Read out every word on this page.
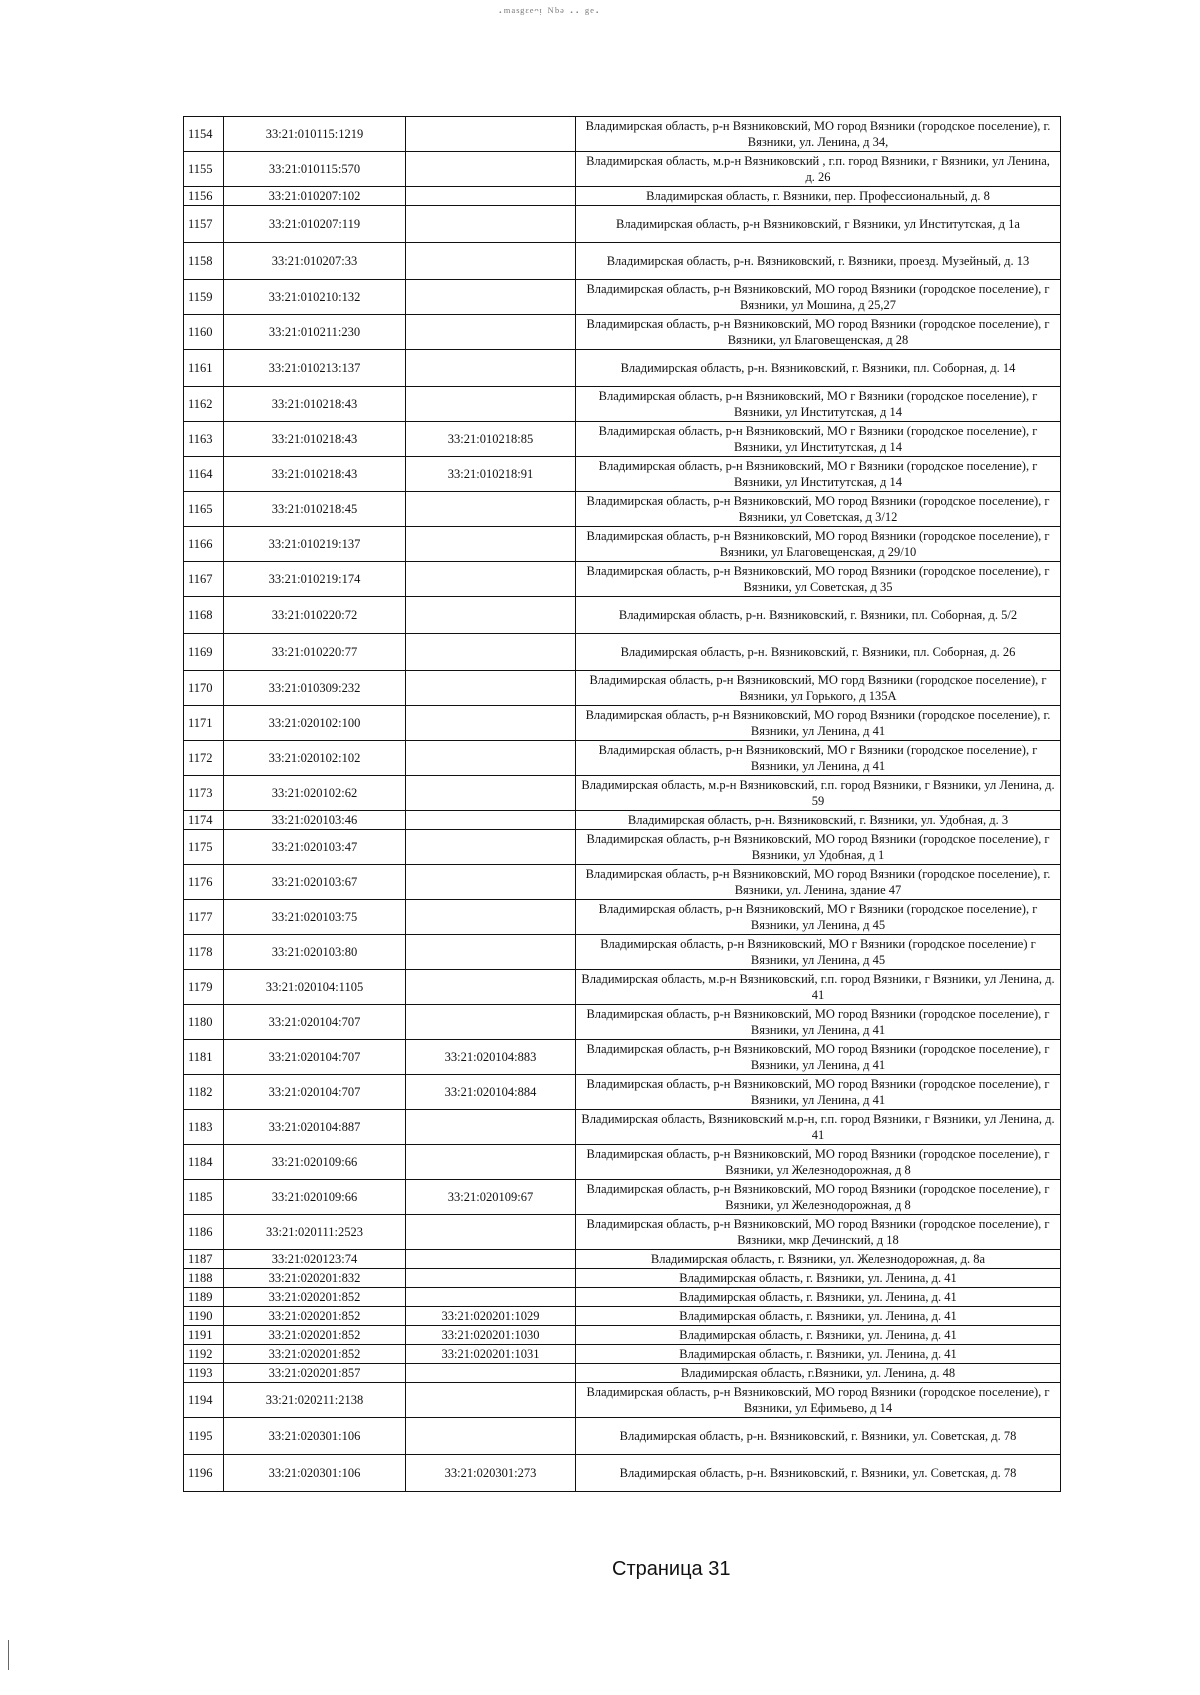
·ᵐᵃˢᵍᵋᵉᵔᵎ ᴺᵇᵊ ·· ᵍᵉ·
1154	33:21:010115:1219		Владимирская область, р-н Вязниковский, МО город Вязники (городское поселение), г. Вязники, ул. Ленина, д 34,
1155	33:21:010115:570		Владимирская область, м.р-н Вязниковский , г.п. город Вязники, г Вязники, ул Ленина, д. 26
1156	33:21:010207:102		Владимирская область, г. Вязники, пер. Профессиональный, д. 8
1157	33:21:010207:119		Владимирская область, р-н Вязниковский, г Вязники, ул Институтская, д 1а
1158	33:21:010207:33		Владимирская область, р-н. Вязниковский, г. Вязники, проезд. Музейный, д. 13
1159	33:21:010210:132		Владимирская область, р-н Вязниковский, МО город Вязники (городское поселение), г Вязники, ул Мошина, д 25,27
1160	33:21:010211:230		Владимирская область, р-н Вязниковский, МО город Вязники (городское поселение), г Вязники, ул Благовещенская, д 28
1161	33:21:010213:137		Владимирская область, р-н. Вязниковский, г. Вязники, пл. Соборная, д. 14
1162	33:21:010218:43		Владимирская область, р-н Вязниковский, МО г Вязники (городское поселение), г Вязники, ул Институтская, д 14
1163	33:21:010218:43	33:21:010218:85	Владимирская область, р-н Вязниковский, МО г Вязники (городское поселение), г Вязники, ул Институтская, д 14
1164	33:21:010218:43	33:21:010218:91	Владимирская область, р-н Вязниковский, МО г Вязники (городское поселение), г Вязники, ул Институтская, д 14
1165	33:21:010218:45		Владимирская область, р-н Вязниковский, МО город Вязники (городское поселение), г Вязники, ул Советская, д 3/12
1166	33:21:010219:137		Владимирская область, р-н Вязниковский, МО город Вязники (городское поселение), г Вязники, ул Благовещенская, д 29/10
1167	33:21:010219:174		Владимирская область, р-н Вязниковский, МО город Вязники (городское поселение), г Вязники, ул Советская, д 35
1168	33:21:010220:72		Владимирская область, р-н. Вязниковский, г. Вязники, пл. Соборная, д. 5/2
1169	33:21:010220:77		Владимирская область, р-н. Вязниковский, г. Вязники, пл. Соборная, д. 26
1170	33:21:010309:232		Владимирская область, р-н Вязниковский, МО горд Вязники (городское поселение), г Вязники, ул Горького, д 135А
1171	33:21:020102:100		Владимирская область, р-н Вязниковский, МО город Вязники (городское поселение), г. Вязники, ул Ленина, д 41
1172	33:21:020102:102		Владимирская область, р-н Вязниковский, МО г Вязники (городское поселение), г Вязники, ул Ленина, д 41
1173	33:21:020102:62		Владимирская область, м.р-н Вязниковский, г.п. город Вязники, г Вязники, ул Ленина, д. 59
1174	33:21:020103:46		Владимирская область, р-н. Вязниковский, г. Вязники, ул. Удобная, д. 3
1175	33:21:020103:47		Владимирская область, р-н Вязниковский, МО город Вязники (городское поселение), г Вязники, ул Удобная, д 1
1176	33:21:020103:67		Владимирская область, р-н Вязниковский, МО город Вязники (городское поселение), г. Вязники, ул. Ленина, здание 47
1177	33:21:020103:75		Владимирская область, р-н Вязниковский, МО г Вязники (городское поселение), г Вязники, ул Ленина, д 45
1178	33:21:020103:80		Владимирская область, р-н Вязниковский, МО г Вязники (городское поселение) г Вязники, ул Ленина, д 45
1179	33:21:020104:1105		Владимирская область, м.р-н Вязниковский, г.п. город Вязники, г Вязники, ул Ленина, д. 41
1180	33:21:020104:707		Владимирская область, р-н Вязниковский, МО город Вязники (городское поселение), г Вязники, ул Ленина, д 41
1181	33:21:020104:707	33:21:020104:883	Владимирская область, р-н Вязниковский, МО город Вязники (городское поселение), г Вязники, ул Ленина, д 41
1182	33:21:020104:707	33:21:020104:884	Владимирская область, р-н Вязниковский, МО город Вязники (городское поселение), г Вязники, ул Ленина, д 41
1183	33:21:020104:887		Владимирская область, Вязниковский м.р-н, г.п. город Вязники, г Вязники, ул Ленина, д. 41
1184	33:21:020109:66		Владимирская область, р-н Вязниковский, МО город Вязники (городское поселение), г Вязники, ул Железнодорожная, д 8
1185	33:21:020109:66	33:21:020109:67	Владимирская область, р-н Вязниковский, МО город Вязники (городское поселение), г Вязники, ул Железнодорожная, д 8
1186	33:21:020111:2523		Владимирская область, р-н Вязниковский, МО город Вязники (городское поселение), г Вязники, мкр Дечинский, д 18
1187	33:21:020123:74		Владимирская область, г. Вязники, ул. Железнодорожная, д. 8а
1188	33:21:020201:832		Владимирская область, г. Вязники, ул. Ленина, д. 41
1189	33:21:020201:852		Владимирская область, г. Вязники, ул. Ленина, д. 41
1190	33:21:020201:852	33:21:020201:1029	Владимирская область, г. Вязники, ул. Ленина, д. 41
1191	33:21:020201:852	33:21:020201:1030	Владимирская область, г. Вязники, ул. Ленина, д. 41
1192	33:21:020201:852	33:21:020201:1031	Владимирская область, г. Вязники, ул. Ленина, д. 41
1193	33:21:020201:857		Владимирская область, г.Вязники, ул. Ленина, д. 48
1194	33:21:020211:2138		Владимирская область, р-н Вязниковский, МО город Вязники (городское поселение), г Вязники, ул Ефимьево, д 14
1195	33:21:020301:106		Владимирская область, р-н. Вязниковский, г. Вязники, ул. Советская, д. 78
1196	33:21:020301:106	33:21:020301:273	Владимирская область, р-н. Вязниковский, г. Вязники, ул. Советская, д. 78
Страница 31
